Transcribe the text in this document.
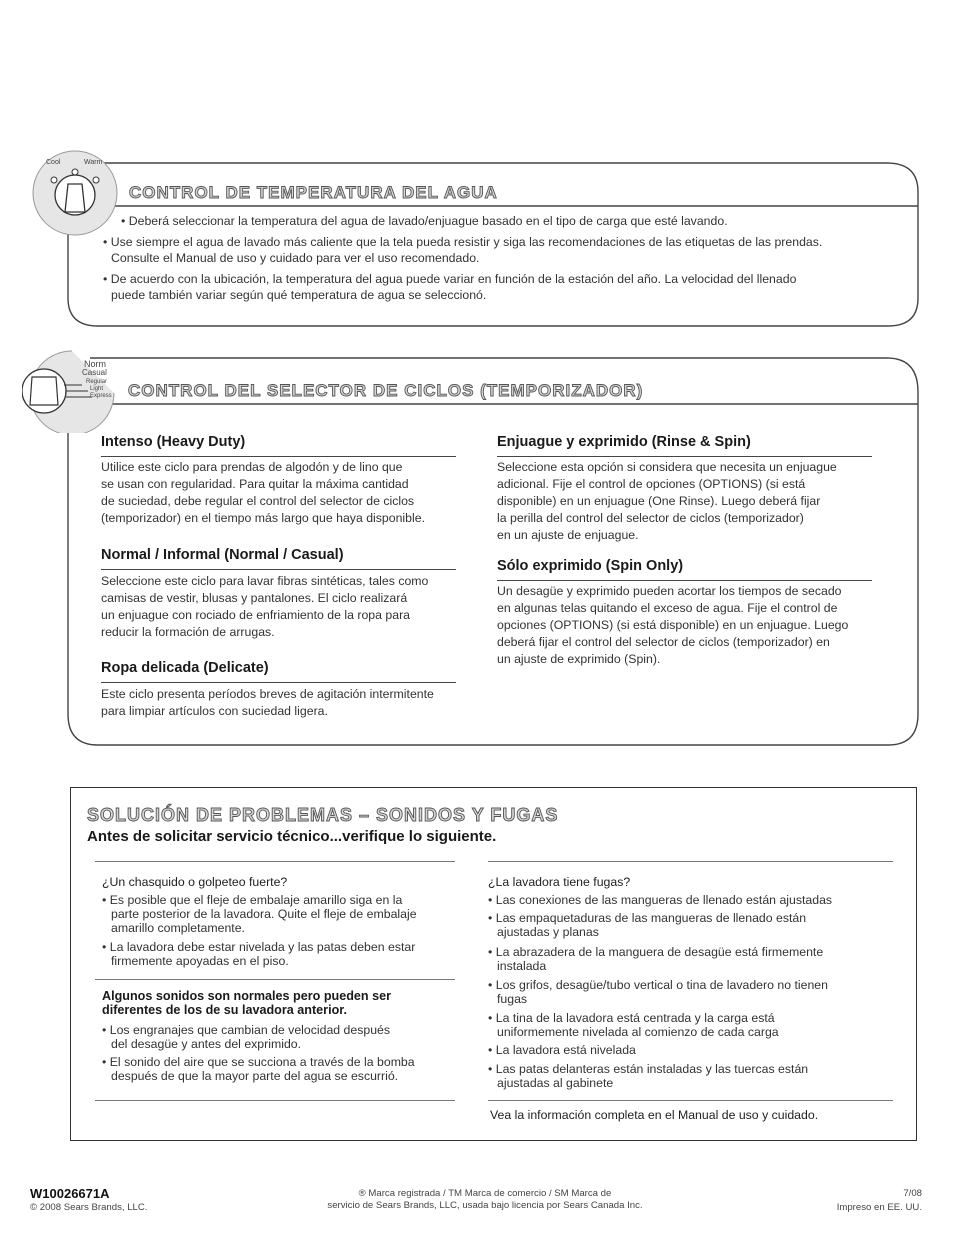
Cool	Warm
CONTROL DE TEMPERATURA DEL AGUA
• Deberá seleccionar la temperatura del agua de lavado/enjuague basado en el tipo de carga que esté lavando.
• Use siempre el agua de lavado más caliente que la tela pueda resistir y siga las recomendaciones de las etiquetas de las prendas.
Consulte el Manual de uso y cuidado para ver el uso recomendado.
• De acuerdo con la ubicación, la temperatura del agua puede variar en función de la estación del año. La velocidad del llenado
puede también variar según qué temperatura de agua se seleccionó.
Norm
Casual
Regular
Light
Express CONTROL DEL SELECTOR DE CICLOS (TEMPORIZADOR)
Intenso (Heavy Duty)
Utilice este ciclo para prendas de algodón y de lino que
se usan con regularidad. Para quitar la máxima cantidad
de suciedad, debe regular el control del selector de ciclos
(temporizador) en el tiempo más largo que haya disponible.
Normal / Informal (Normal / Casual)
Seleccione este ciclo para lavar fibras sintéticas, tales como
camisas de vestir, blusas y pantalones. El ciclo realizará
un enjuague con rociado de enfriamiento de la ropa para
reducir la formación de arrugas.
Ropa delicada (Delicate)
Este ciclo presenta períodos breves de agitación intermitente
para limpiar artículos con suciedad ligera.
Enjuague y exprimido (Rinse & Spin)
Seleccione esta opción si considera que necesita un enjuague
adicional. Fije el control de opciones (OPTIONS) (si está
disponible) en un enjuague (One Rinse). Luego deberá fijar
la perilla del control del selector de ciclos (temporizador)
en un ajuste de enjuague.
Sólo exprimido (Spin Only)
Un desagüe y exprimido pueden acortar los tiempos de secado
en algunas telas quitando el exceso de agua. Fije el control de
opciones (OPTIONS) (si está disponible) en un enjuague. Luego
deberá fijar el control del selector de ciclos (temporizador) en
un ajuste de exprimido (Spin).
SOLUCIÓN DE PROBLEMAS – SONIDOS Y FUGAS
Antes de solicitar servicio técnico...verifique lo siguiente.
¿Un chasquido o golpeteo fuerte?
• Es posible que el fleje de embalaje amarillo siga en la
parte posterior de la lavadora. Quite el fleje de embalaje
amarillo completamente.
• La lavadora debe estar nivelada y las patas deben estar
firmemente apoyadas en el piso.
Algunos sonidos son normales pero pueden ser
diferentes de los de su lavadora anterior.
• Los engranajes que cambian de velocidad después
del desagüe y antes del exprimido.
• El sonido del aire que se succiona a través de la bomba
después de que la mayor parte del agua se escurrió.
¿La lavadora tiene fugas?
• Las conexiones de las mangueras de llenado están ajustadas
• Las empaquetaduras de las mangueras de llenado están
ajustadas y planas
• La abrazadera de la manguera de desagüe está firmemente
instalada
• Los grifos, desagüe/tubo vertical o tina de lavadero no tienen
fugas
• La tina de la lavadora está centrada y la carga está
uniformemente nivelada al comienzo de cada carga
• La lavadora está nivelada
• Las patas delanteras están instaladas y las tuercas están
ajustadas al gabinete
Vea la información completa en el Manual de uso y cuidado.
W10026671A
© 2008 Sears Brands, LLC.
® Marca registrada / TM Marca de comercio / SM Marca de
servicio de Sears Brands, LLC, usada bajo licencia por Sears Canada Inc.
7/08
Impreso en EE. UU.
